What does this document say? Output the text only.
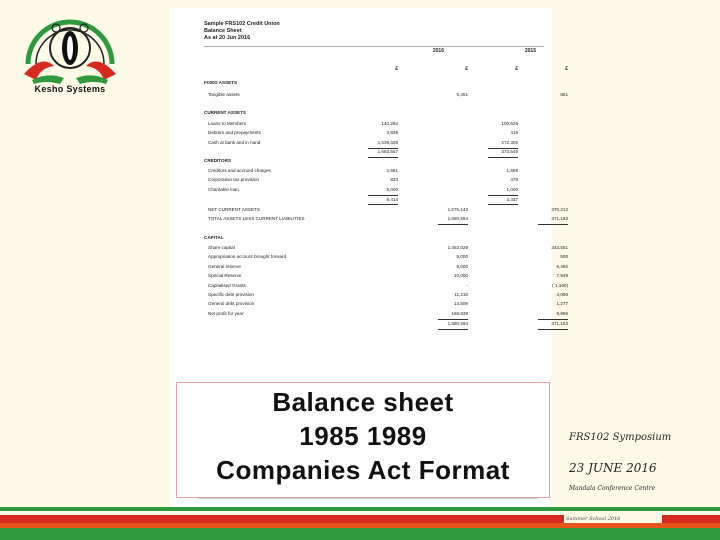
Kesho Systems
Sample FRS102 Credit Union
Balance Sheet
As at 20 Jun 2016
2016	2015
£	£	£	£
FIXED ASSETS
Tangible assets	5,451	851
CURRENT ASSETS
Loans to Members	140,292	100,625
Debtors and prepayments	3,939	419
Cash at bank and in hand	1,539,326	272,305
1,683,557	373,549
CREDITORS
Creditors and accrued charges	2,581	1,659
Corporation tax provision	833	478
Charitable loan	5,000	1,000
8,414	3,337
NET CURRENT ASSETS	1,675,143	370,212
TOTAL ASSETS LESS CURRENT LIABILITIES	1,680,594	371,163
CAPITAL
Share capital	1,462,029	343,551
Appropriation account brought forward	5,000	500
General reserve	9,000	6,492
Special Reserve	10,000	7,549
Capitalised Grants	-	( 1,160)
Specific debt provision	11,218	4,096
General debt provision	14,509	1,277
Net profit for year	168,838	8,866
1,680,594	371,163
Balance sheet
1985 1989
Companies Act Format
FRS102 Symposium
23 JUNE 2016
Mandala Conference Centre
Summer School 2016
